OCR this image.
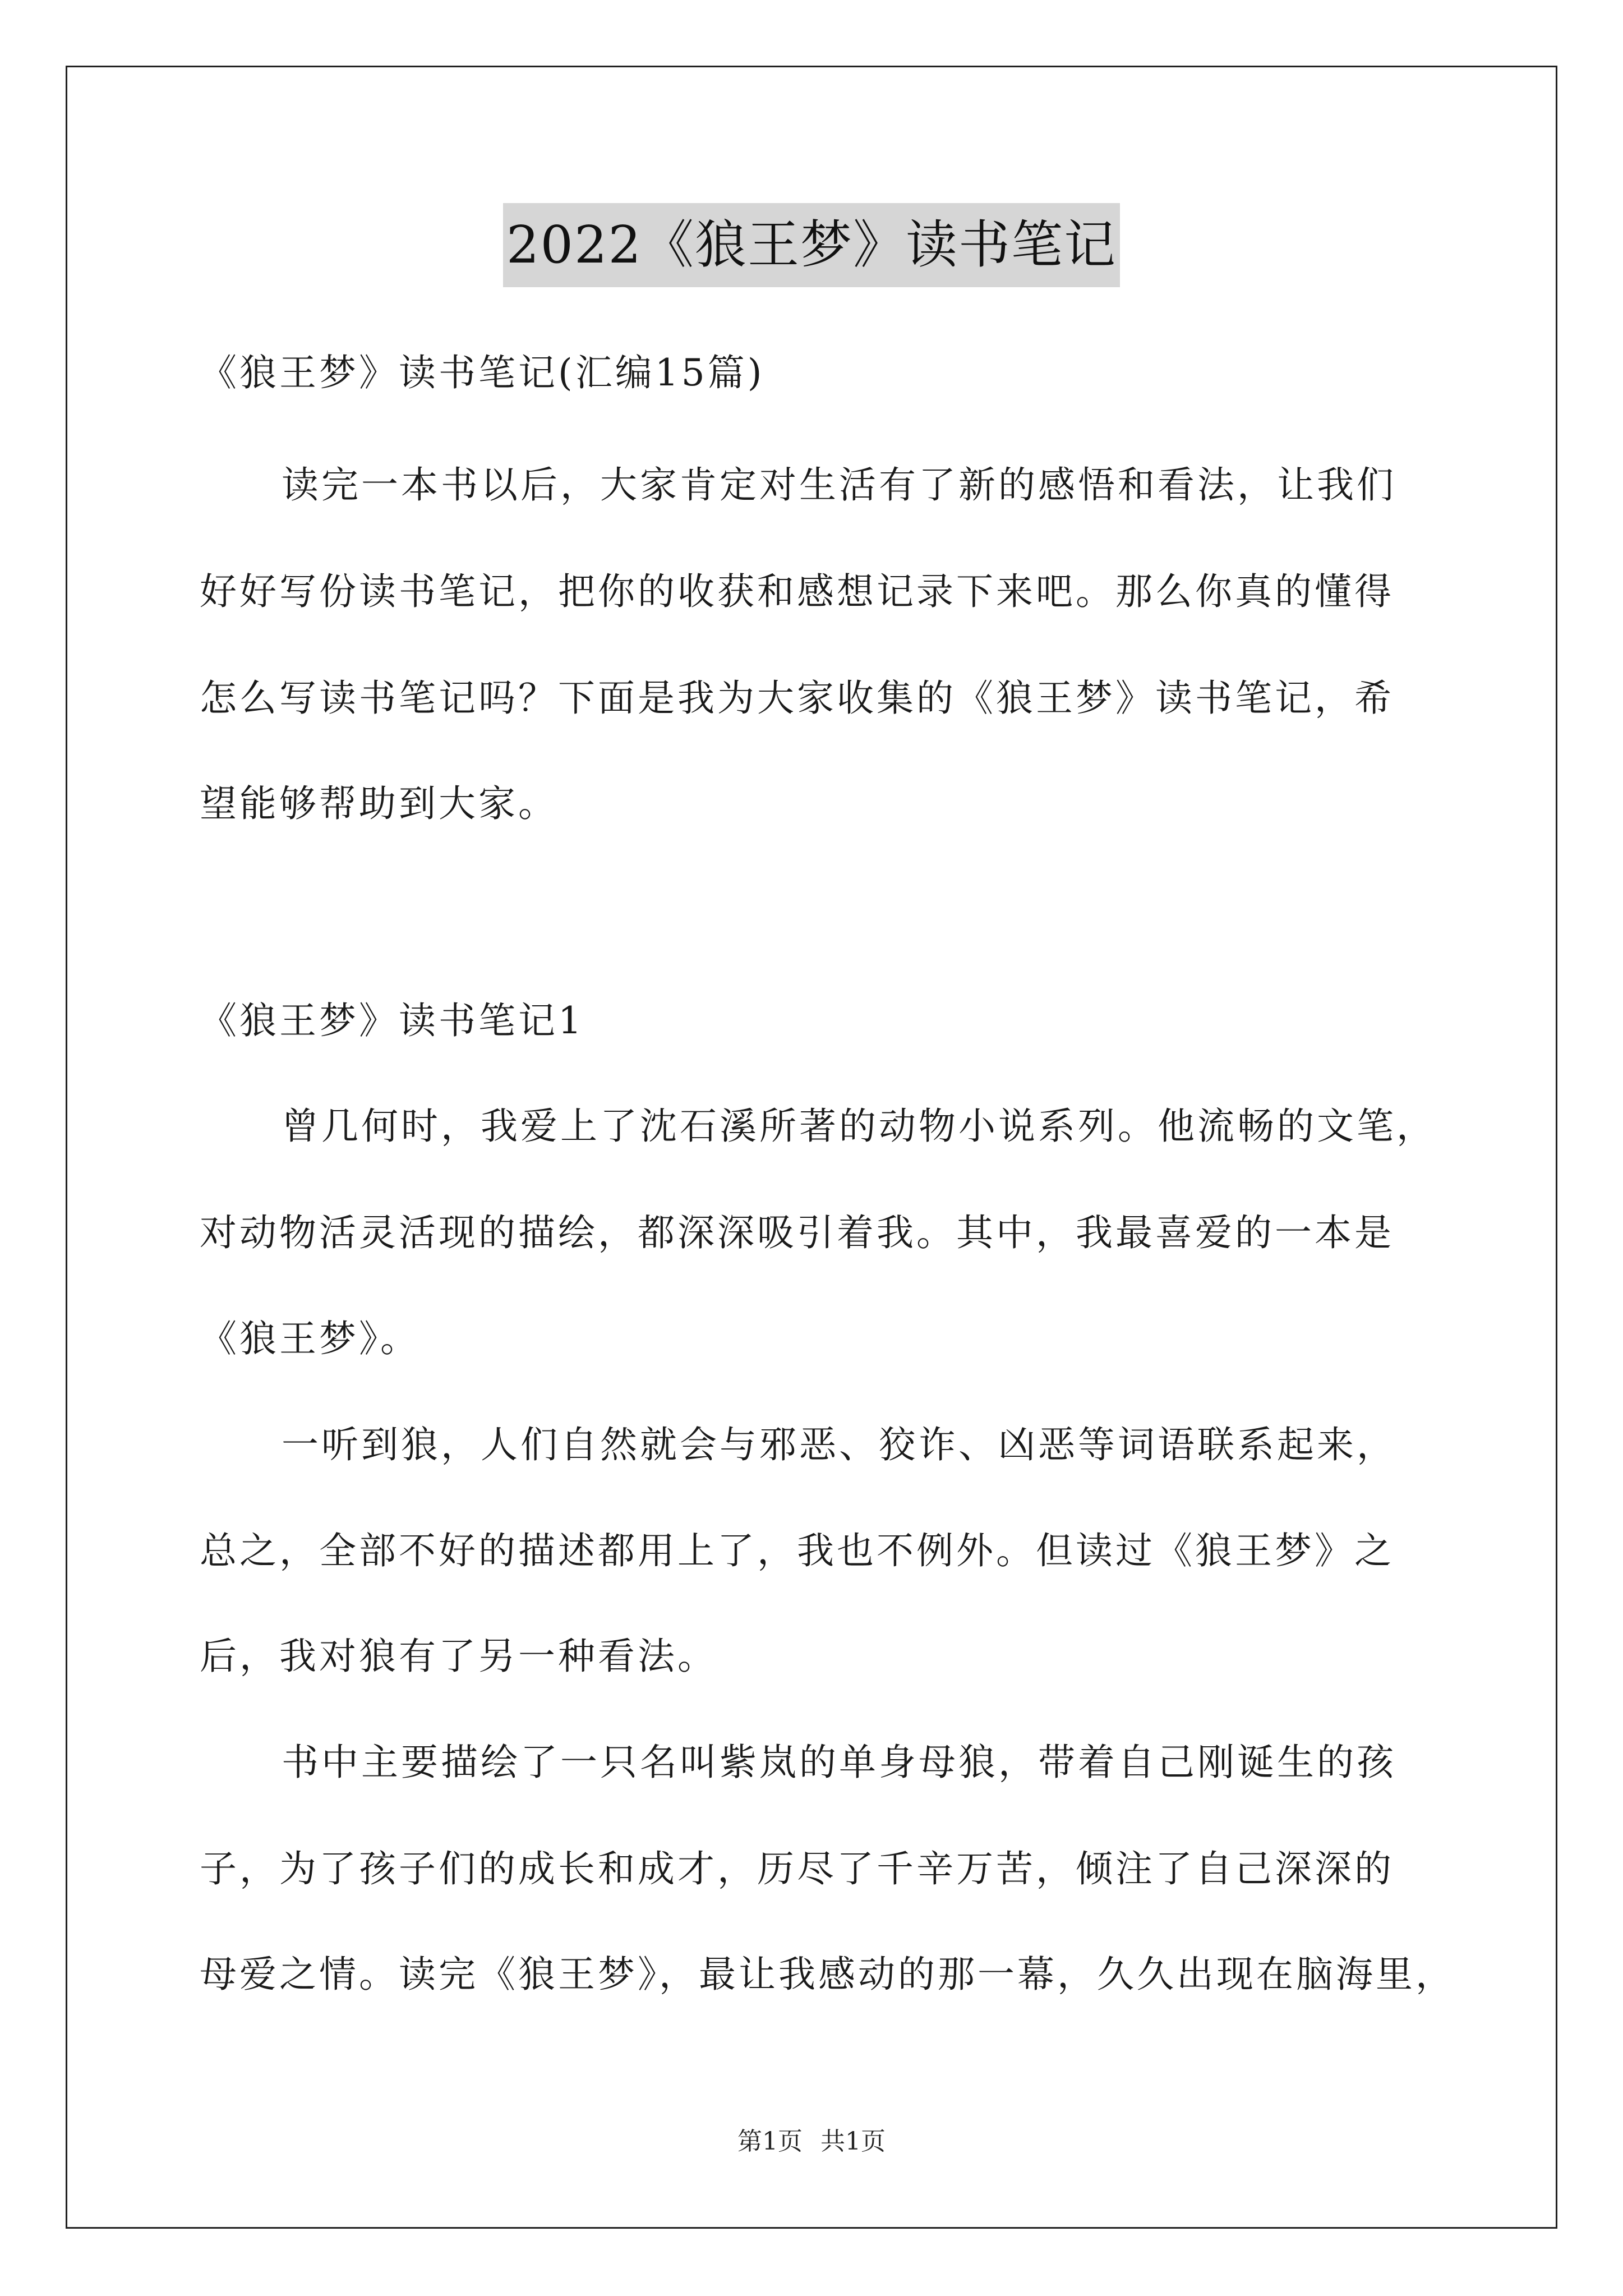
2022《狼王梦》读书笔记
《狼王梦》读书笔记(汇编15篇)
读完一本书以后，大家肯定对生活有了新的感悟和看法，让我们
好好写份读书笔记，把你的收获和感想记录下来吧。那么你真的懂得
怎么写读书笔记吗？下面是我为大家收集的《狼王梦》读书笔记，希
望能够帮助到大家。
《狼王梦》读书笔记1
曾几何时，我爱上了沈石溪所著的动物小说系列。他流畅的文笔，
对动物活灵活现的描绘，都深深吸引着我。其中，我最喜爱的一本是
《狼王梦》。
一听到狼，人们自然就会与邪恶、狡诈、凶恶等词语联系起来，
总之，全部不好的描述都用上了，我也不例外。但读过《狼王梦》之
后，我对狼有了另一种看法。
书中主要描绘了一只名叫紫岚的单身母狼，带着自己刚诞生的孩
子，为了孩子们的成长和成才，历尽了千辛万苦，倾注了自己深深的
母爱之情。读完《狼王梦》，最让我感动的那一幕，久久出现在脑海里，
第1页 共1页
